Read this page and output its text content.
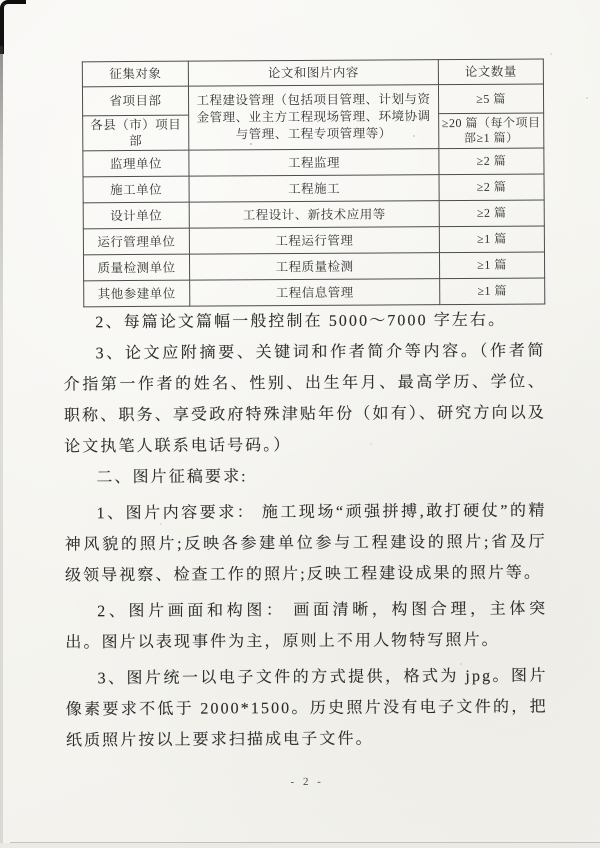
征集对象	论文和图片内容	论文数量
省项目部	工程建设管理（包括项目管理、计划与资金管理、业主方工程现场管理、环境协调与管理、工程专项管理等）	≥5 篇
各县（市）项目部		≥20 篇（每个项目部≥1 篇）
监理单位	工程监理	≥2 篇
施工单位	工程施工	≥2 篇
设计单位	工程设计、新技术应用等	≥2 篇
运行管理单位	工程运行管理	≥1 篇
质量检测单位	工程质量检测	≥1 篇
其他参建单位	工程信息管理	≥1 篇

2、每篇论文篇幅一般控制在 5000～7000 字左右。

3、论文应附摘要、关键词和作者简介等内容。（作者简介指第一作者的姓名、性别、出生年月、最高学历、学位、职称、职务、享受政府特殊津贴年份（如有）、研究方向以及论文执笔人联系电话号码。）

二、图片征稿要求:

1、图片内容要求： 施工现场“顽强拼搏,敢打硬仗”的精神风貌的照片;反映各参建单位参与工程建设的照片;省及厅级领导视察、检查工作的照片;反映工程建设成果的照片等。

2、图片画面和构图： 画面清晰，构图合理，主体突出。图片以表现事件为主，原则上不用人物特写照片。

3、图片统一以电子文件的方式提供，格式为 jpg。图片像素要求不低于 2000*1500。历史照片没有电子文件的，把纸质照片按以上要求扫描成电子文件。

- 2 -
